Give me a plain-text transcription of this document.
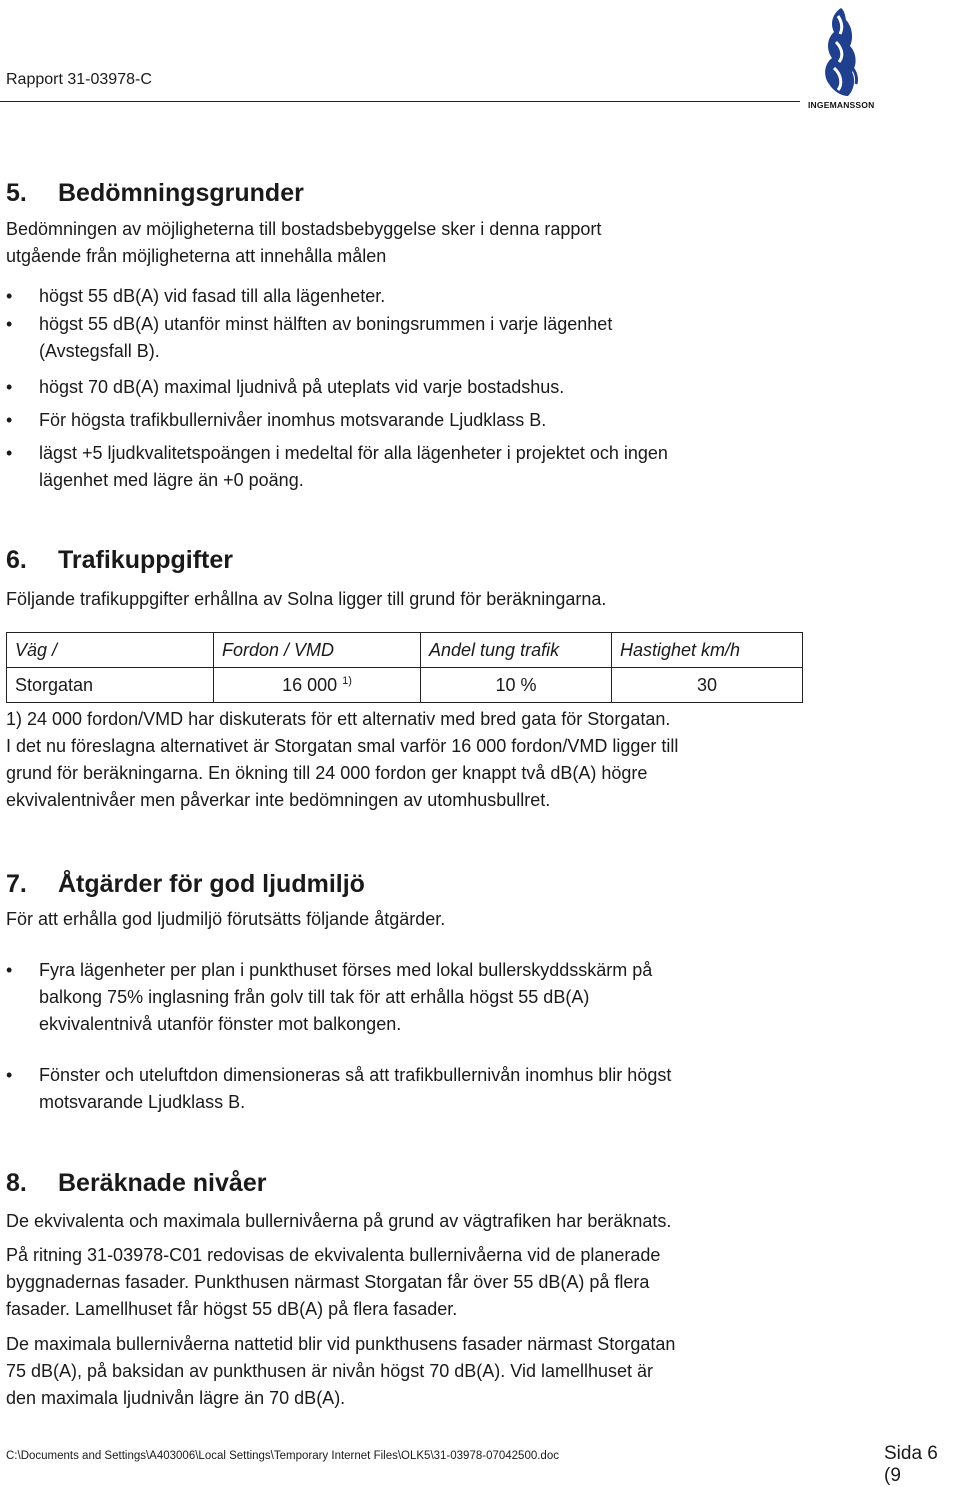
Rapport 31-03978-C
INGEMANSSON
5. Bedömningsgrunder
Bedömningen av möjligheterna till bostadsbebyggelse sker i denna rapport
utgående från möjligheterna att innehålla målen
• högst 55 dB(A) vid fasad till alla lägenheter.
• högst 55 dB(A) utanför minst hälften av boningsrummen i varje lägenhet
(Avstegsfall B).
• högst 70 dB(A) maximal ljudnivå på uteplats vid varje bostadshus.
• För högsta trafikbullernivåer inomhus motsvarande Ljudklass B.
• lägst +5 ljudkvalitetspoängen i medeltal för alla lägenheter i projektet och ingen
lägenhet med lägre än +0 poäng.
6. Trafikuppgifter
Följande trafikuppgifter erhållna av Solna ligger till grund för beräkningarna.
Väg /	Fordon / VMD	Andel tung trafik	Hastighet km/h
Storgatan	16 000 $^{1)}$	10 %	30
1) 24 000 fordon/VMD har diskuterats för ett alternativ med bred gata för Storgatan.
I det nu föreslagna alternativet är Storgatan smal varför 16 000 fordon/VMD ligger till
grund för beräkningarna. En ökning till 24 000 fordon ger knappt två dB(A) högre
ekvivalentnivåer men påverkar inte bedömningen av utomhusbullret.
7. Åtgärder för god ljudmiljö
För att erhålla god ljudmiljö förutsätts följande åtgärder.
• Fyra lägenheter per plan i punkthuset förses med lokal bullerskyddsskärm på
balkong 75% inglasning från golv till tak för att erhålla högst 55 dB(A)
ekvivalentnivå utanför fönster mot balkongen.
• Fönster och uteluftdon dimensioneras så att trafikbullernivån inomhus blir högst
motsvarande Ljudklass B.
8. Beräknade nivåer
De ekvivalenta och maximala bullernivåerna på grund av vägtrafiken har beräknats.
På ritning 31-03978-C01 redovisas de ekvivalenta bullernivåerna vid de planerade
byggnadernas fasader. Punkthusen närmast Storgatan får över 55 dB(A) på flera
fasader. Lamellhuset får högst 55 dB(A) på flera fasader.
De maximala bullernivåerna nattetid blir vid punkthusens fasader närmast Storgatan
75 dB(A), på baksidan av punkthusen är nivån högst 70 dB(A). Vid lamellhuset är
den maximala ljudnivån lägre än 70 dB(A).
C:\Documents and Settings\A403006\Local Settings\Temporary Internet Files\OLK5\31-03978-07042500.doc	Sida 6 (9
